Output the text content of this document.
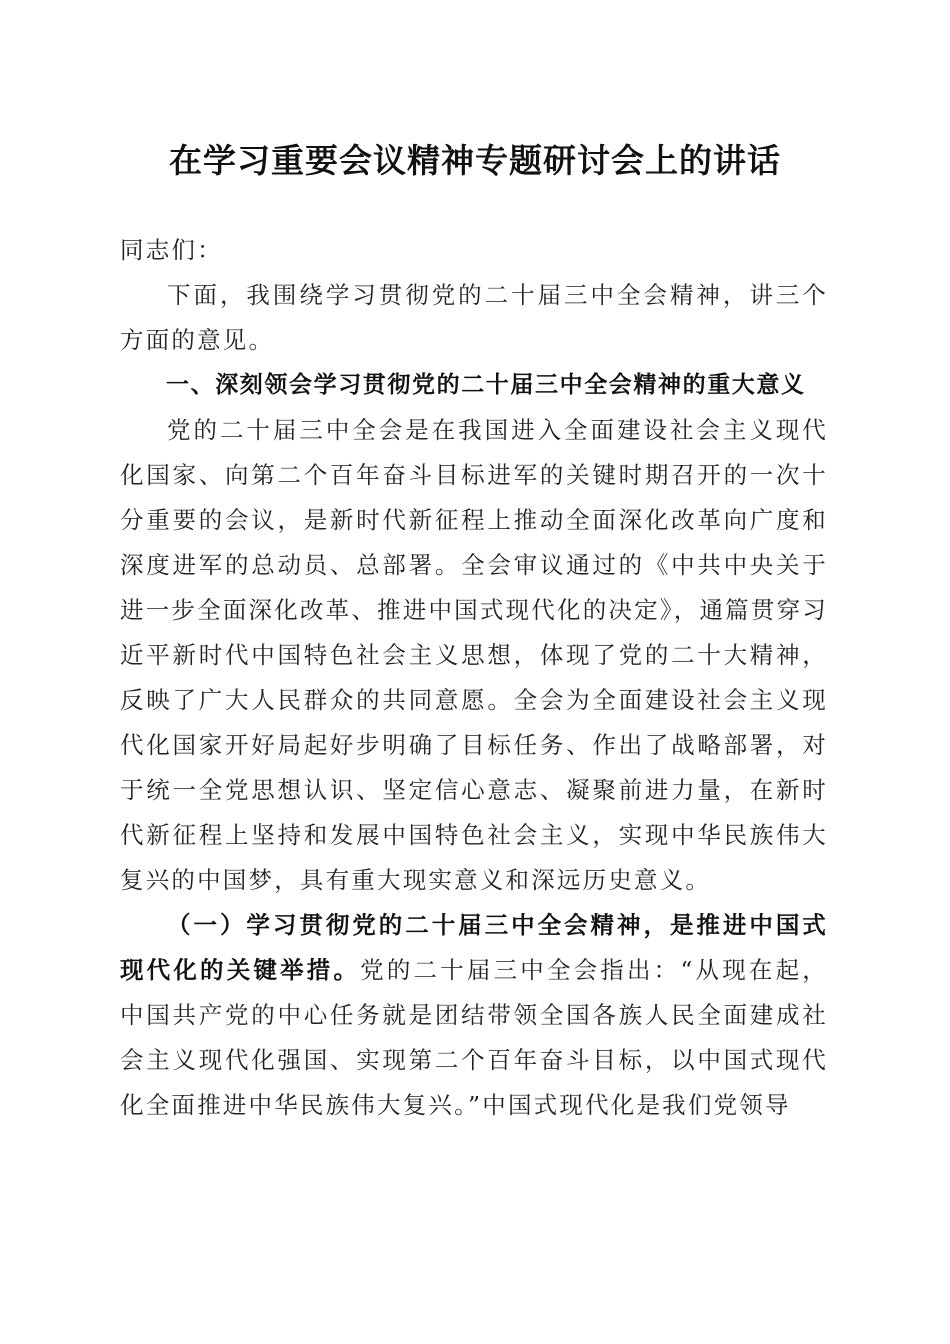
在学习重要会议精神专题研讨会上的讲话

同志们：

下面，我围绕学习贯彻党的二十届三中全会精神，讲三个方面的意见。

一、深刻领会学习贯彻党的二十届三中全会精神的重大意义

党的二十届三中全会是在我国进入全面建设社会主义现代化国家、向第二个百年奋斗目标进军的关键时期召开的一次十分重要的会议，是新时代新征程上推动全面深化改革向广度和深度进军的总动员、总部署。全会审议通过的《中共中央关于进一步全面深化改革、推进中国式现代化的决定》，通篇贯穿习近平新时代中国特色社会主义思想，体现了党的二十大精神，反映了广大人民群众的共同意愿。全会为全面建设社会主义现代化国家开好局起好步明确了目标任务、作出了战略部署，对于统一全党思想认识、坚定信心意志、凝聚前进力量，在新时代新征程上坚持和发展中国特色社会主义，实现中华民族伟大复兴的中国梦，具有重大现实意义和深远历史意义。

（一）学习贯彻党的二十届三中全会精神，是推进中国式现代化的关键举措。党的二十届三中全会指出：“从现在起，中国共产党的中心任务就是团结带领全国各族人民全面建成社会主义现代化强国、实现第二个百年奋斗目标，以中国式现代化全面推进中华民族伟大复兴。”中国式现代化是我们党领导
